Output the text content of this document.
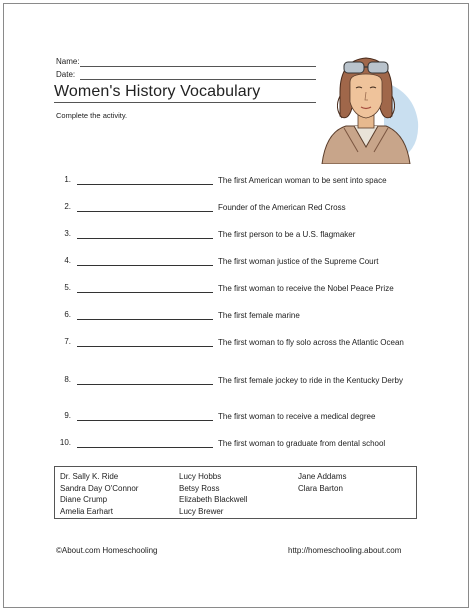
Name:
Date:
Women's History Vocabulary
Complete the activity.
1.	The first American woman to be sent into space
2.	Founder of the American Red Cross
3.	The first person to be a U.S. flagmaker
4.	The first woman justice of the Supreme Court
5.	The first woman to receive the Nobel Peace Prize
6.	The first female marine
7.	The first woman to fly solo across the Atlantic Ocean
8.	The first female jockey to ride in the Kentucky Derby
9.	The first woman to receive a medical degree
10.	The first woman to graduate from dental school
Dr. Sally K. Ride
Sandra Day O'Connor
Diane Crump
Amelia Earhart
Lucy Hobbs
Betsy Ross
Elizabeth Blackwell
Lucy Brewer
Jane Addams
Clara Barton
©About.com Homeschooling	http://homeschooling.about.com
